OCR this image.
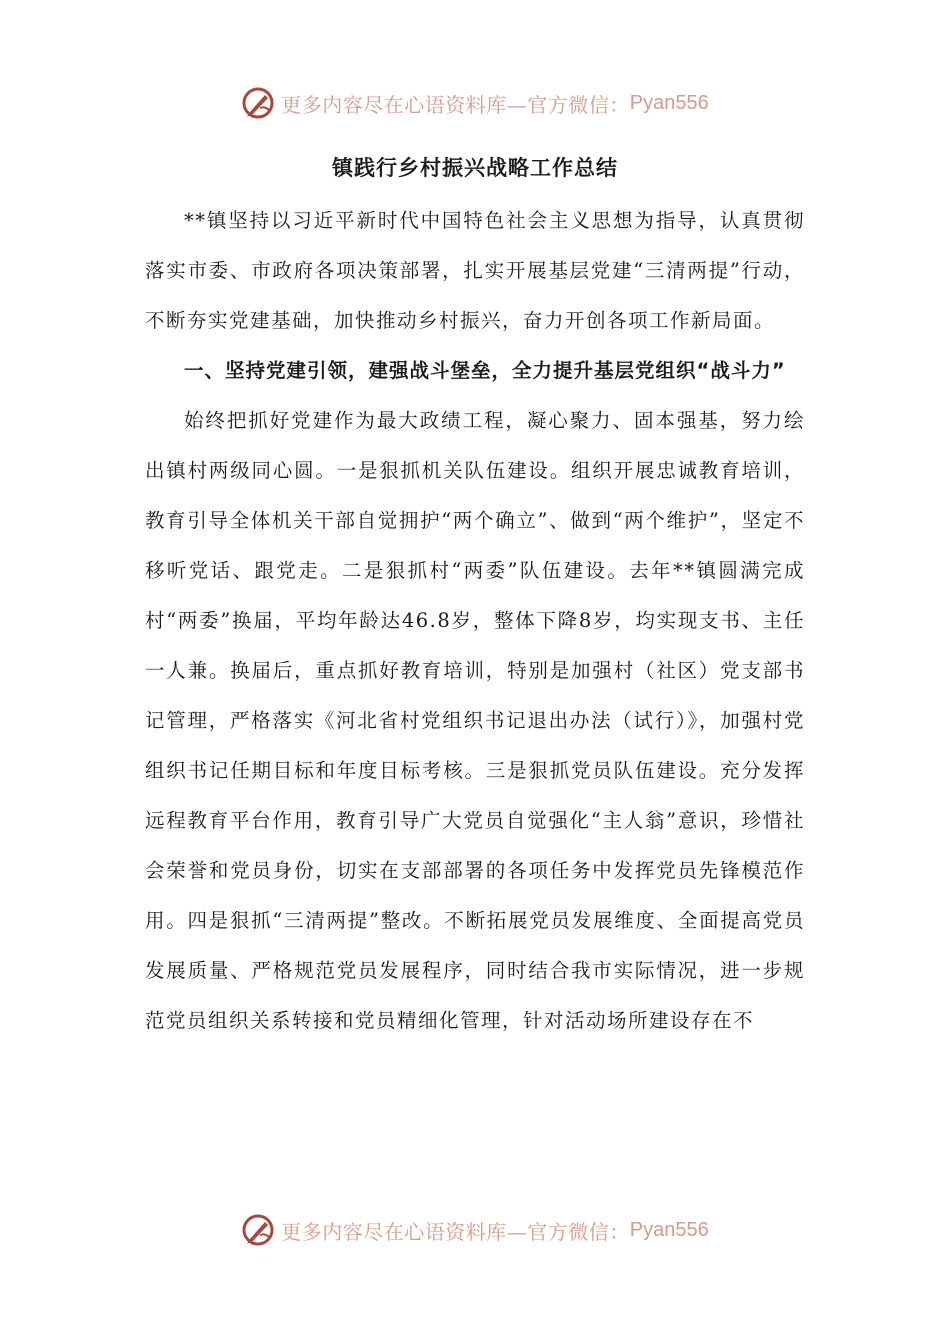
更多内容尽在心语资料库—官方微信： Pyan556
镇践行乡村振兴战略工作总结

**镇坚持以习近平新时代中国特色社会主义思想为指导，认真贯彻落实市委、市政府各项决策部署，扎实开展基层党建“三清两提”行动，不断夯实党建基础，加快推动乡村振兴，奋力开创各项工作新局面。

一、坚持党建引领，建强战斗堡垒，全力提升基层党组织“战斗力”

始终把抓好党建作为最大政绩工程，凝心聚力、固本强基，努力绘出镇村两级同心圆。一是狠抓机关队伍建设。组织开展忠诚教育培训，教育引导全体机关干部自觉拥护“两个确立”、做到“两个维护”，坚定不移听党话、跟党走。二是狠抓村“两委”队伍建设。去年**镇圆满完成村“两委”换届，平均年龄达46.8岁，整体下降8岁，均实现支书、主任一人兼。换届后，重点抓好教育培训，特别是加强村（社区）党支部书记管理，严格落实《河北省村党组织书记退出办法（试行）》，加强村党组织书记任期目标和年度目标考核。三是狠抓党员队伍建设。充分发挥远程教育平台作用，教育引导广大党员自觉强化“主人翁”意识，珍惜社会荣誉和党员身份，切实在支部部署的各项任务中发挥党员先锋模范作用。四是狠抓“三清两提”整改。不断拓展党员发展维度、全面提高党员发展质量、严格规范党员发展程序，同时结合我市实际情况，进一步规范党员组织关系转接和党员精细化管理，针对活动场所建设存在不

更多内容尽在心语资料库—官方微信： Pyan556
